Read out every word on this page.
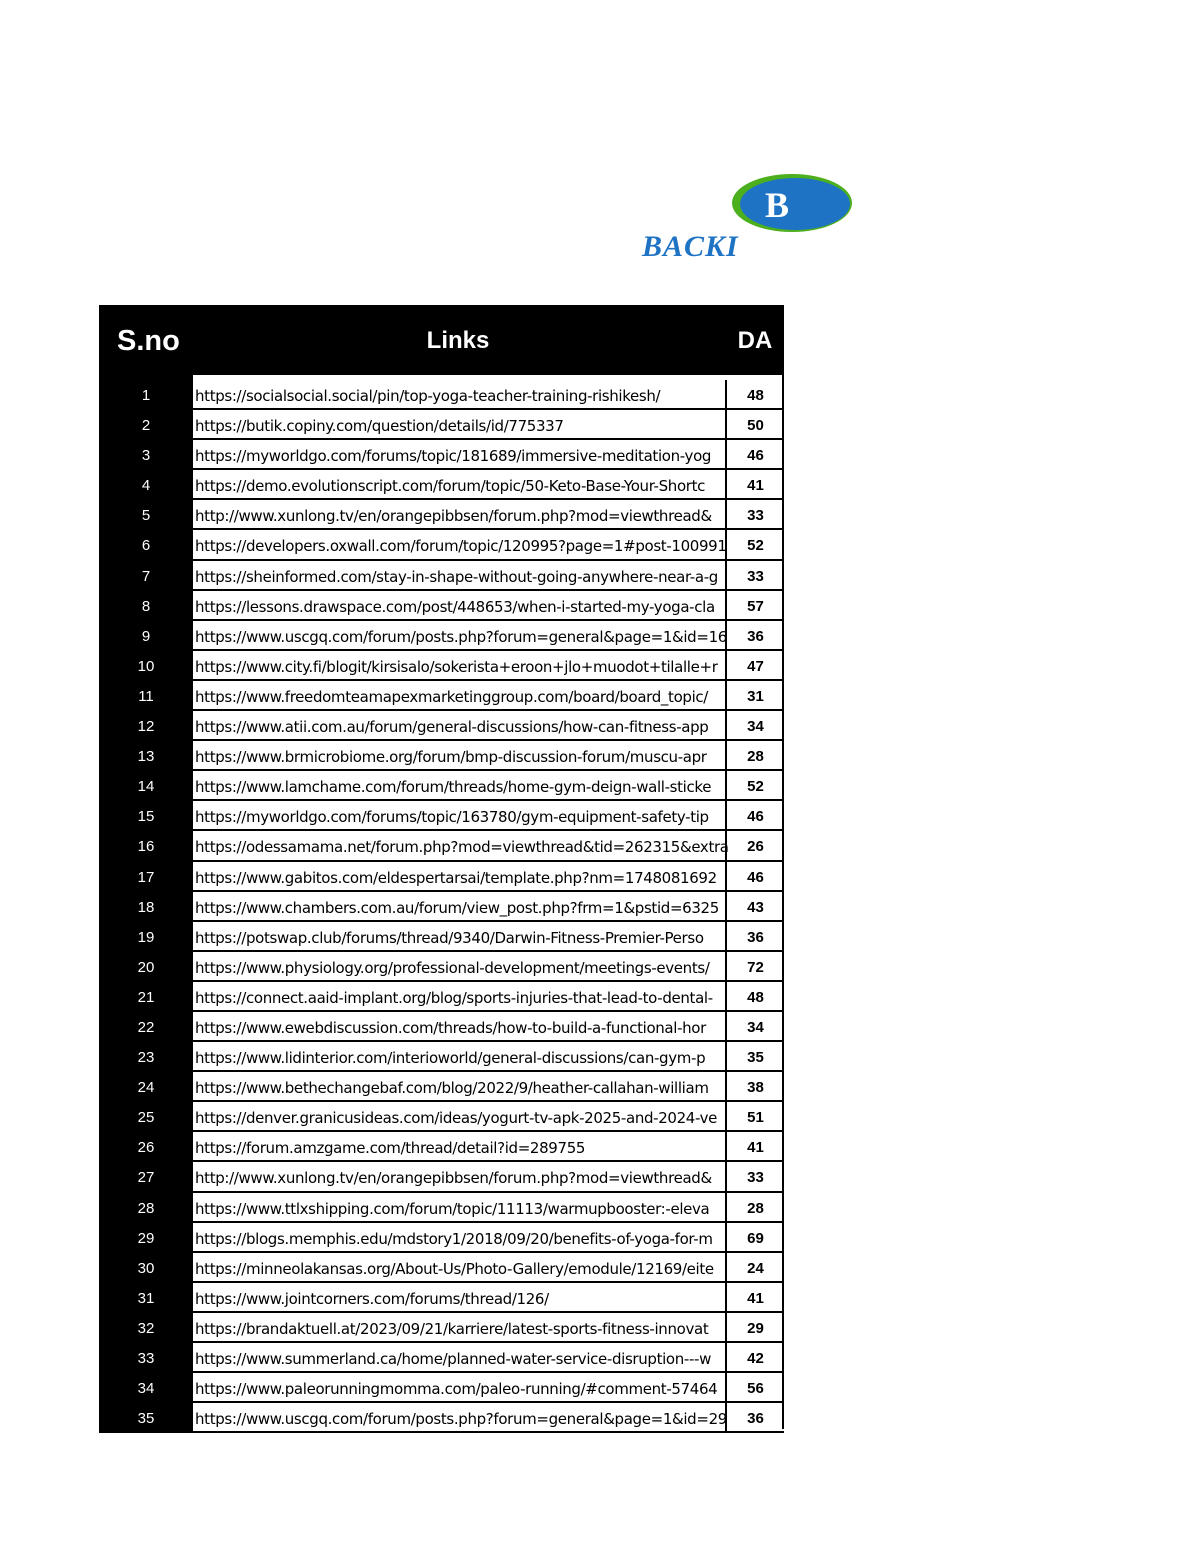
B
BACKI
S.no	Links	DA
1	https://socialsocial.social/pin/top-yoga-teacher-training-rishikesh/	48
2	https://butik.copiny.com/question/details/id/775337	50
3	https://myworldgo.com/forums/topic/181689/immersive-meditation-yog	46
4	https://demo.evolutionscript.com/forum/topic/50-Keto-Base-Your-Shortc	41
5	http://www.xunlong.tv/en/orangepibbsen/forum.php?mod=viewthread&	33
6	https://developers.oxwall.com/forum/topic/120995?page=1#post-100991	52
7	https://sheinformed.com/stay-in-shape-without-going-anywhere-near-a-g	33
8	https://lessons.drawspace.com/post/448653/when-i-started-my-yoga-cla	57
9	https://www.uscgq.com/forum/posts.php?forum=general&page=1&id=16	36
10	https://www.city.fi/blogit/kirsisalo/sokerista+eroon+jlo+muodot+tilalle+r	47
11	https://www.freedomteamapexmarketinggroup.com/board/board_topic/	31
12	https://www.atii.com.au/forum/general-discussions/how-can-fitness-app	34
13	https://www.brmicrobiome.org/forum/bmp-discussion-forum/muscu-apr	28
14	https://www.lamchame.com/forum/threads/home-gym-deign-wall-sticke	52
15	https://myworldgo.com/forums/topic/163780/gym-equipment-safety-tip	46
16	https://odessamama.net/forum.php?mod=viewthread&tid=262315&extra	26
17	https://www.gabitos.com/eldespertarsai/template.php?nm=1748081692	46
18	https://www.chambers.com.au/forum/view_post.php?frm=1&pstid=6325	43
19	https://potswap.club/forums/thread/9340/Darwin-Fitness-Premier-Perso	36
20	https://www.physiology.org/professional-development/meetings-events/	72
21	https://connect.aaid-implant.org/blog/sports-injuries-that-lead-to-dental-	48
22	https://www.ewebdiscussion.com/threads/how-to-build-a-functional-hor	34
23	https://www.lidinterior.com/interioworld/general-discussions/can-gym-p	35
24	https://www.bethechangebaf.com/blog/2022/9/heather-callahan-william	38
25	https://denver.granicusideas.com/ideas/yogurt-tv-apk-2025-and-2024-ve	51
26	https://forum.amzgame.com/thread/detail?id=289755	41
27	http://www.xunlong.tv/en/orangepibbsen/forum.php?mod=viewthread&	33
28	https://www.ttlxshipping.com/forum/topic/11113/warmupbooster:-eleva	28
29	https://blogs.memphis.edu/mdstory1/2018/09/20/benefits-of-yoga-for-m	69
30	https://minneolakansas.org/About-Us/Photo-Gallery/emodule/12169/eite	24
31	https://www.jointcorners.com/forums/thread/126/	41
32	https://brandaktuell.at/2023/09/21/karriere/latest-sports-fitness-innovat	29
33	https://www.summerland.ca/home/planned-water-service-disruption---w	42
34	https://www.paleorunningmomma.com/paleo-running/#comment-57464	56
35	https://www.uscgq.com/forum/posts.php?forum=general&page=1&id=29	36
